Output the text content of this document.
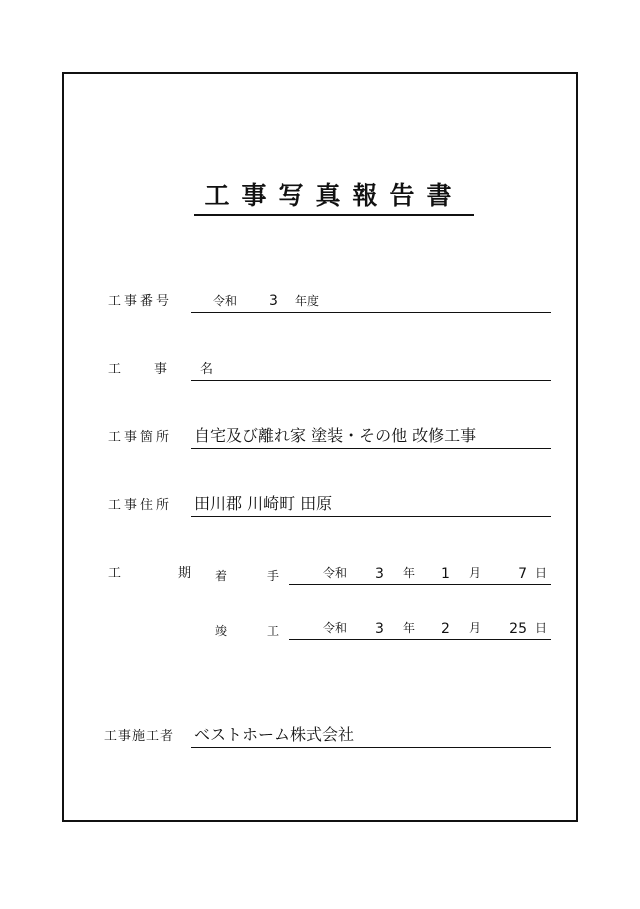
工事写真報告書
工事番号	令和 3 年度
工　事　名
工事箇所 自宅及び離れ家 塗装・その他 改修工事
工事住所 田川郡 川崎町 田原
工　期 着　手 令和 3 年 1 月	7 日
竣　工 令和 3 年 2 月 25 日
工事施工者 ベストホーム株式会社
